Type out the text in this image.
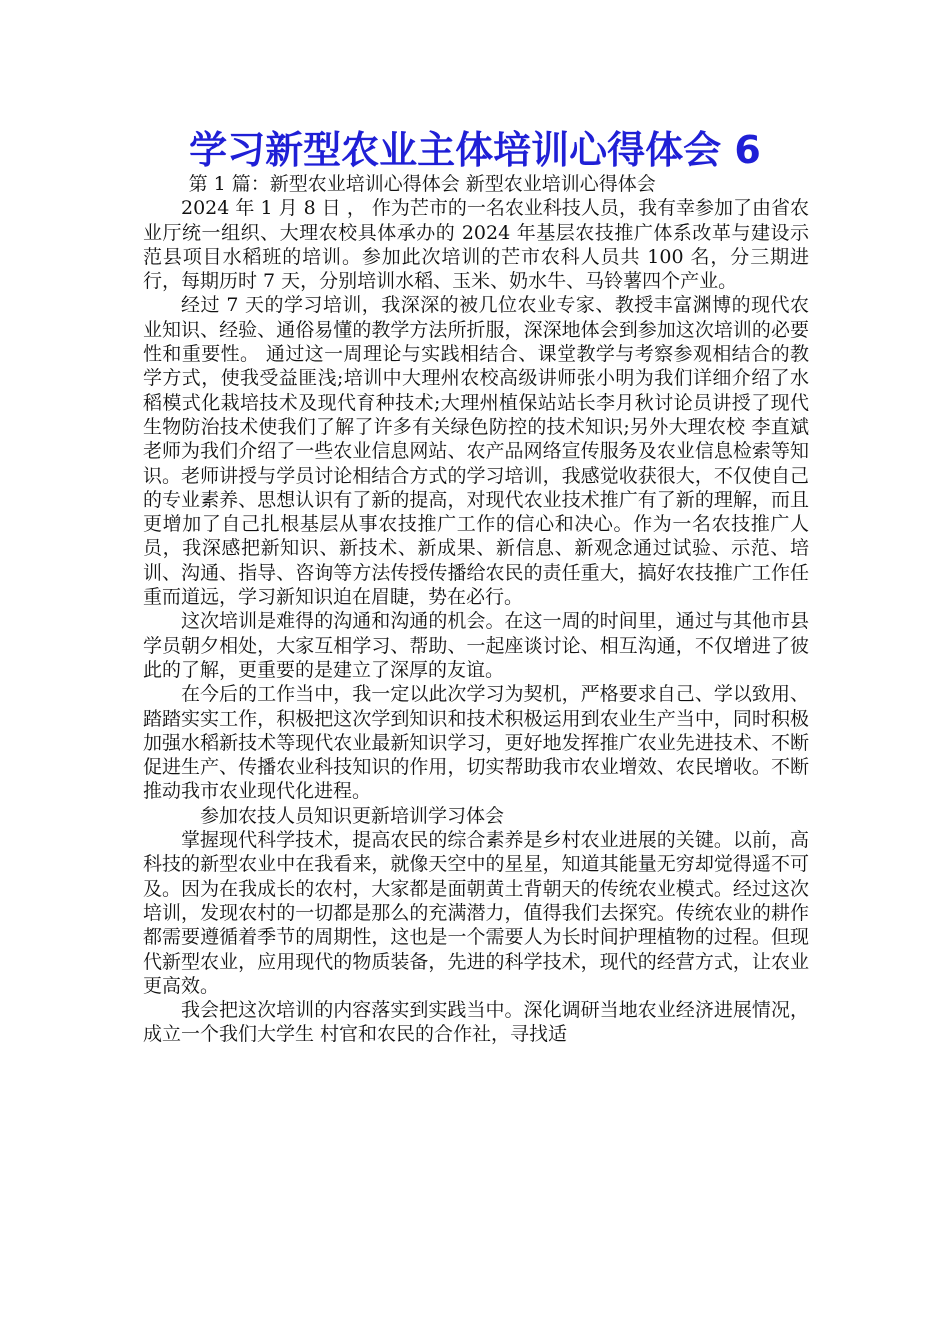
学习新型农业主体培训心得体会 6

第 1 篇：新型农业培训心得体会 新型农业培训心得体会

2024 年 1 月 8 日 ， 作为芒市的一名农业科技人员，我有幸参加了由省农业厅统一组织、大理农校具体承办的 2024 年基层农技推广体系改革与建设示范县项目水稻班的培训。参加此次培训的芒市农科人员共 100 名，分三期进行，每期历时 7 天，分别培训水稻、玉米、奶水牛、马铃薯四个产业。

经过 7 天的学习培训，我深深的被几位农业专家、教授丰富渊博的现代农业知识、经验、通俗易懂的教学方法所折服，深深地体会到参加这次培训的必要性和重要性。 通过这一周理论与实践相结合、课堂教学与考察参观相结合的教学方式，使我受益匪浅;培训中大理州农校高级讲师张小明为我们详细介绍了水稻模式化栽培技术及现代育种技术;大理州植保站站长李月秋讨论员讲授了现代生物防治技术使我们了解了许多有关绿色防控的技术知识;另外大理农校 李直斌 老师为我们介绍了一些农业信息网站、农产品网络宣传服务及农业信息检索等知识。老师讲授与学员讨论相结合方式的学习培训，我感觉收获很大，不仅使自己的专业素养、思想认识有了新的提高，对现代农业技术推广有了新的理解，而且更增加了自己扎根基层从事农技推广工作的信心和决心。作为一名农技推广人员，我深感把新知识、新技术、新成果、新信息、新观念通过试验、示范、培训、沟通、指导、咨询等方法传授传播给农民的责任重大，搞好农技推广工作任重而道远，学习新知识迫在眉睫，势在必行。

这次培训是难得的沟通和沟通的机会。在这一周的时间里，通过与其他市县学员朝夕相处，大家互相学习、帮助、一起座谈讨论、相互沟通，不仅增进了彼此的了解，更重要的是建立了深厚的友谊。

在今后的工作当中，我一定以此次学习为契机，严格要求自己、学以致用、踏踏实实工作，积极把这次学到知识和技术积极运用到农业生产当中，同时积极加强水稻新技术等现代农业最新知识学习，更好地发挥推广农业先进技术、不断促进生产、传播农业科技知识的作用，切实帮助我市农业增效、农民增收。不断推动我市农业现代化进程。

参加农技人员知识更新培训学习体会

掌握现代科学技术，提高农民的综合素养是乡村农业进展的关键。以前，高科技的新型农业中在我看来，就像天空中的星星，知道其能量无穷却觉得遥不可及。因为在我成长的农村，大家都是面朝黄土背朝天的传统农业模式。经过这次培训，发现农村的一切都是那么的充满潜力，值得我们去探究。传统农业的耕作都需要遵循着季节的周期性，这也是一个需要人为长时间护理植物的过程。但现代新型农业，应用现代的物质装备，先进的科学技术，现代的经营方式，让农业更高效。

我会把这次培训的内容落实到实践当中。深化调研当地农业经济进展情况，成立一个我们大学生 村官和农民的合作社，寻找适
